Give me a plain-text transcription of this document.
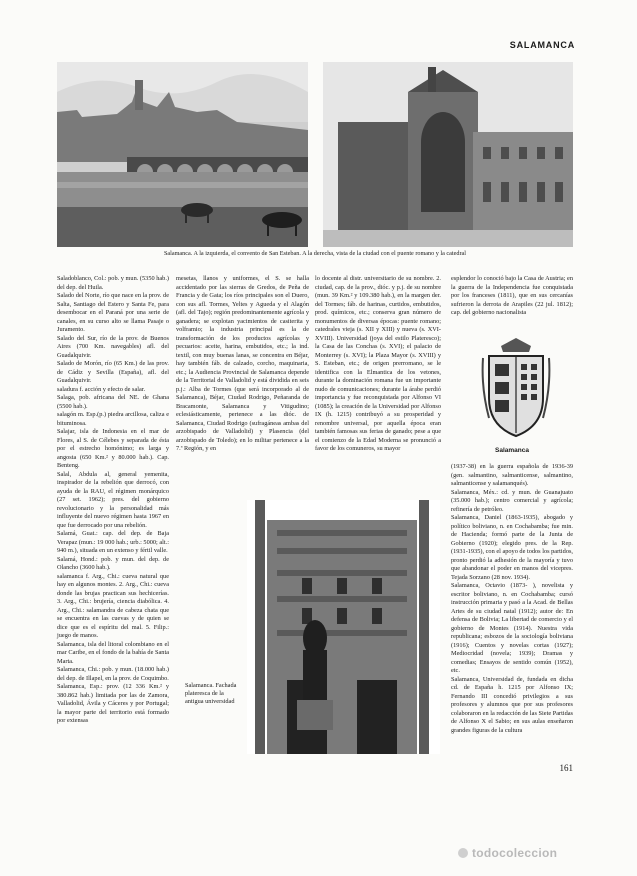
SALAMANCA
Salamanca. A la izquierda, el convento de San Esteban. A la derecha, vista de la ciudad con el puente romano y la catedral

Saladoblanco, Col.: pob. y mun. (5350 hab.) del dep. del Huila.

Salado del Norte, río que nace en la prov. de Salta, Santiago del Estero y Santa Fe, para desembocar en el Paraná por una serie de canales, en su curso alto se llama Pasaje o Juramento.

Salado del Sur, río de la prov. de Buenos Aires (700 Km. navegables) afl. del Guadalquivir.

Salado de Morón, río (65 Km.) de las prov. de Cádiz y Sevilla (España), afl. del Guadalquivir.

saladura f. acción y efecto de salar.

Salaga, pob. africana del NE. de Ghana (5500 hab.).

salagón m. Esp.(p.) piedra arcillosa, caliza e bituminosa.

Salajar, isla de Indonesia en el mar de Flores, al S. de Célebes y separada de ésta por el estrecho homónimo; es larga y angosta (650 Km.² y 80.000 hab.). Cap. Benteng.

Salal, Abdula al, general yemenita, inspirador de la rebelión que derrocó, con ayuda de la RAU, el régimen monárquico (27 set. 1962); pres. del gobierno revolucionario y la personalidad más influyente del nuevo régimen hasta 1967 en que fue derrocado por una rebelión.

Salamá, Guat.: cap. del dep. de Baja Verapaz (mun.: 19 000 hab.; urb.: 5000; alt.: 940 m.), situada en un extenso y fértil valle.

Salamá, Hond.: pob. y mun. del dep. de Olancho (3600 hab.).

salamanca f. Arg., Chi.: cueva natural que hay en algunos montes. 2. Arg., Chi.: cueva donde las brujas practican sus hechicerías. 3. Arg., Chi.: brujería, ciencia diabólica. 4. Arg., Chi.: salamandra de cabeza chata que se encuentra en las cuevas y de quien se dice que es el espíritu del mal. 5. Filip.: juego de manos.

Salamanca, isla del litoral colombiano en el mar Caribe, en el fondo de la bahía de Santa Marta.

Salamanca, Chi.: pob. y mun. (18.000 hab.) del dep. de Illapel, en la prov. de Coquimbo.

Salamanca, Esp.: prov. (12 336 Km.² y 380.862 hab.) limitada por las de Zamora, Valladolid, Ávila y Cáceres y por Portugal; la mayor parte del territorio está formado por extensas

mesetas, llanos y uniformes, el S. se halla accidentado por las sierras de Gredos, de Peña de Francia y de Gata; los ríos principales son el Duero, con sus afl. Tormes, Yeltes y Agueda y el Alagón (afl. del Tajo); región predominantemente agrícola y ganadera; se explotan yacimientos de casiterita y volframio; la industria principal es la de transformación de los productos agrícolas y pecuarios: aceite, harina, embutidos, etc.; la ind. textil, con muy buenas lanas, se concentra en Béjar, hay también fáb. de calzado, corcho, maquinaria, etc.; la Audiencia Provincial de Salamanca depende de la Territorial de Valladolid y está dividida en seis p.j.: Alba de Tormes (que será incorporado al de Salamanca), Béjar, Ciudad Rodrigo, Peñaranda de Bracamonte, Salamanca y Vitigudino; eclesiásticamente, pertenece a las dióc. de Salamanca, Ciudad Rodrigo (sufragáneas ambas del arzobispado de Valladolid) y Plasencia (del arzobispado de Toledo); en lo militar pertenece a la 7.ª Región, y en

lo docente al distr. universitario de su nombre. 2. ciudad, cap. de la prov., dióc. y p.j. de su nombre (mun. 39 Km.² y 109.380 hab.), en la margen der. del Tormes; fáb. de harinas, curtidos, embutidos, prod. químicos, etc.; conserva gran número de monumentos de diversas épocas: puente romano; catedrales vieja (s. XII y XIII) y nueva (s. XVI-XVIII). Universidad (joya del estilo Plateresco); la Casa de las Conchas (s. XVI); el palacio de Monterrey (s. XVI); la Plaza Mayor (s. XVIII) y S. Esteban, etc.; de origen prerromano, se le identifica con la Elmantica de los vetones, durante la dominación romana fue un importante nudo de comunicaciones; durante la árabe perdió importancia y fue reconquistada por Alfonso VI (1085); la creación de la Universidad por Alfonso IX (h. 1215) contribuyó a su prosperidad y renombre universal, por aquella época eran también famosas sus ferias de ganado; pese a que el comienzo de la Edad Moderna se pronunció a favor de los comuneros, su mayor

esplendor lo conoció bajo la Casa de Austria; en la guerra de la Independencia fue conquistada por los franceses (1811), que en sus cercanías sufrieron la derrota de Arapiles (22 jul. 1812); cap. del gobierno nacionalista

Salamanca

(1937-38) en la guerra española de 1936-39 (gen. salmantino, salmanticense, salmantino, salmanticense y salamanqués).

Salamanca, Méx.: cd. y mun. de Guanajuato (35.000 hab.); centro comercial y agrícola; refinería de petróleo.

Salamanca, Daniel (1863-1935), abogado y político boliviano, n. en Cochabamba; fue min. de Hacienda; formó parte de la Junta de Gobierno (1920); elegido pres. de la Rep. (1931-1935), con el apoyo de todos los partidos, pronto perdió la adhesión de la mayoría y tuvo que abandonar el poder en manos del vicepres. Tejada Sorzano (28 nov. 1934).

Salamanca, Octavio (1873- ), novelista y escritor boliviano, n. en Cochabamba; cursó instrucción primaria y pasó a la Acad. de Bellas Artes de su ciudad natal (1912); autor de: En defensa de Bolivia; La libertad de comercio y el gobierno de Montes (1914). Nuestra vida republicana; esbozos de la sociología boliviana (1916); Cuentos y novelas cortas (1927); Mediocridad (novela; 1939); Dramas y comedias; Ensayos de sentido común (1952), etc.

Salamanca, Universidad de, fundada en dicha cd. de España h. 1215 por Alfonso IX; Fernando III concedió privilegios a sus profesores y alumnos que por sus profesores colaboraron en la redacción de las Siete Partidas de Alfonso X el Sabio; en sus aulas enseñaron grandes figuras de la cultura

Salamanca. Fachada plateresca de la antigua universidad
161
todocoleccion
